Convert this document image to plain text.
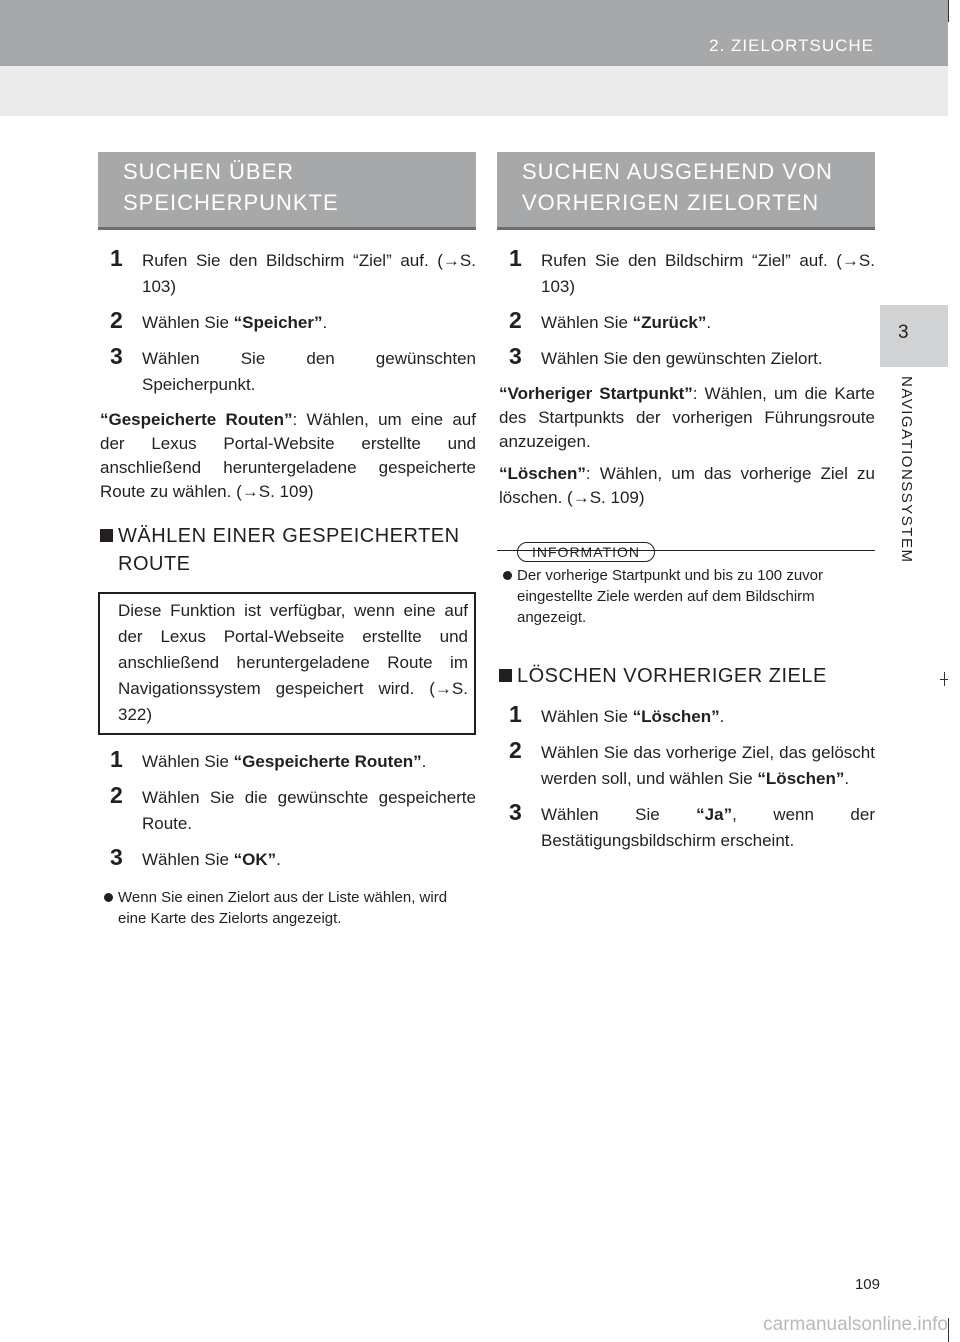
2. ZIELORTSUCHE
3
NAVIGATIONSSYSTEM
SUCHEN ÜBER SPEICHERPUNKTE
1 Rufen Sie den Bildschirm “Ziel” auf. (→S. 103)
2 Wählen Sie “Speicher”.
3 Wählen Sie den gewünschten Speicherpunkt.

“Gespeicherte Routen”: Wählen, um eine auf der Lexus Portal-Website erstellte und anschließend heruntergeladene gespeicherte Route zu wählen. (→S. 109)

WÄHLEN EINER GESPEICHERTEN ROUTE
Diese Funktion ist verfügbar, wenn eine auf der Lexus Portal-Webseite erstellte und anschließend heruntergeladene Route im Navigationssystem gespeichert wird. (→S. 322)
1 Wählen Sie “Gespeicherte Routen”.
2 Wählen Sie die gewünschte gespeicherte Route.
3 Wählen Sie “OK”.
Wenn Sie einen Zielort aus der Liste wählen, wird eine Karte des Zielorts angezeigt.
SUCHEN AUSGEHEND VON VORHERIGEN ZIELORTEN
1 Rufen Sie den Bildschirm “Ziel” auf. (→S. 103)
2 Wählen Sie “Zurück”.
3 Wählen Sie den gewünschten Zielort.

“Vorheriger Startpunkt”: Wählen, um die Karte des Startpunkts der vorherigen Führungsroute anzuzeigen.

“Löschen”: Wählen, um das vorherige Ziel zu löschen. (→S. 109)

INFORMATION
Der vorherige Startpunkt und bis zu 100 zuvor eingestellte Ziele werden auf dem Bildschirm angezeigt.
LÖSCHEN VORHERIGER ZIELE
1 Wählen Sie “Löschen”.
2 Wählen Sie das vorherige Ziel, das gelöscht werden soll, und wählen Sie “Löschen”.
3 Wählen Sie “Ja”, wenn der Bestätigungsbildschirm erscheint.
109
carmanualsonline.info
